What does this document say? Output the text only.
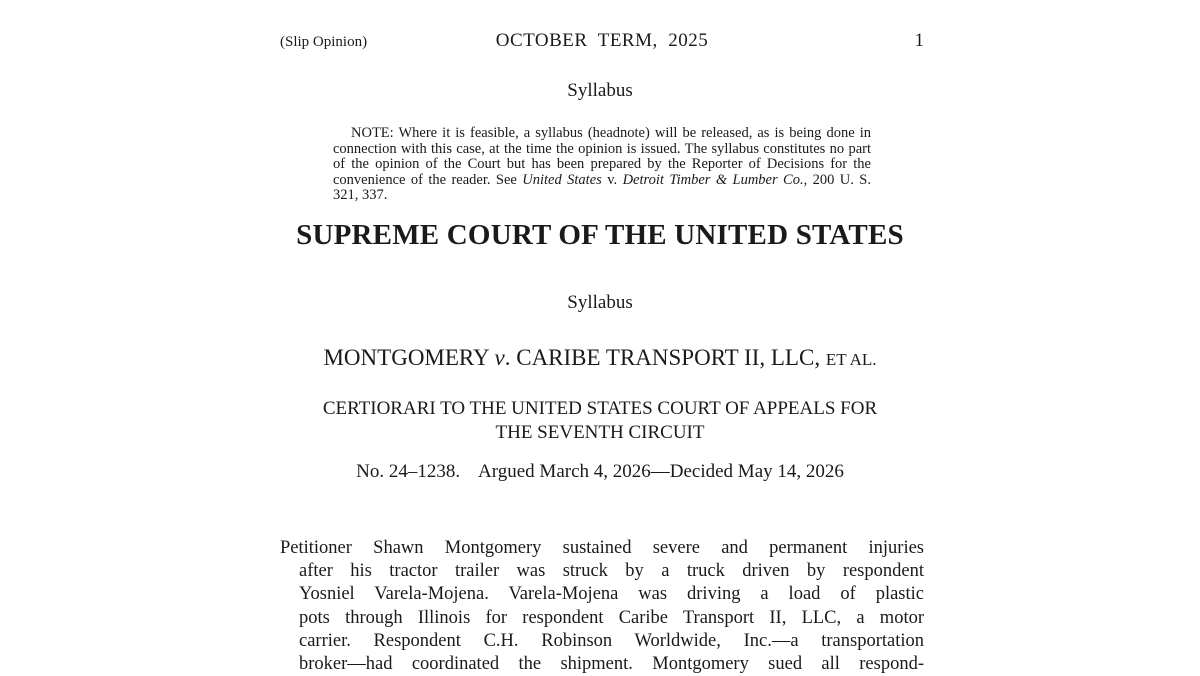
(Slip Opinion)	OCTOBER  TERM,  2025	1
Syllabus
NOTE: Where it is feasible, a syllabus (headnote) will be released, as is being done in connection with this case, at the time the opinion is issued. The syllabus constitutes no part of the opinion of the Court but has been prepared by the Reporter of Decisions for the convenience of the reader. See United States v. Detroit Timber & Lumber Co., 200 U. S. 321, 337.
SUPREME COURT OF THE UNITED STATES
Syllabus
MONTGOMERY v. CARIBE TRANSPORT II, LLC, ET AL.
CERTIORARI TO THE UNITED STATES COURT OF APPEALS FOR
THE SEVENTH CIRCUIT
No. 24–1238. Argued March 4, 2026—Decided May 14, 2026
Petitioner Shawn Montgomery sustained severe and permanent injuries
after his tractor trailer was struck by a truck driven by respondent
Yosniel Varela-Mojena. Varela-Mojena was driving a load of plastic
pots through Illinois for respondent Caribe Transport II, LLC, a motor
carrier. Respondent C.H. Robinson Worldwide, Inc.—a transportation
broker—had coordinated the shipment. Montgomery sued all respond-
